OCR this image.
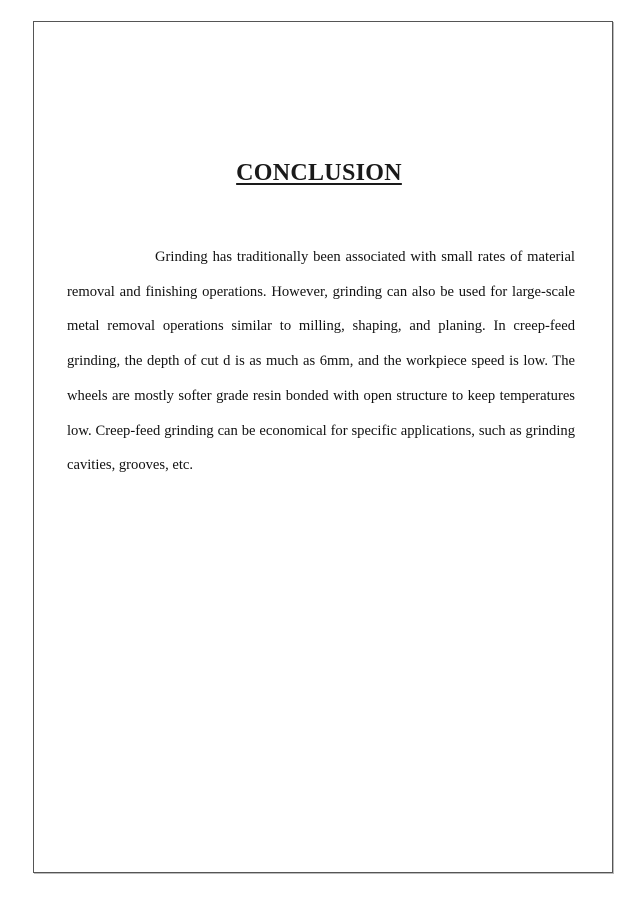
CONCLUSION

Grinding has traditionally been associated with small rates of material removal and finishing operations. However, grinding can also be used for large-scale metal removal operations similar to milling, shaping, and planing. In creep-feed grinding, the depth of cut d is as much as 6mm, and the workpiece speed is low. The wheels are mostly softer grade resin bonded with open structure to keep temperatures low. Creep-feed grinding can be economical for specific applications, such as grinding cavities, grooves, etc.
